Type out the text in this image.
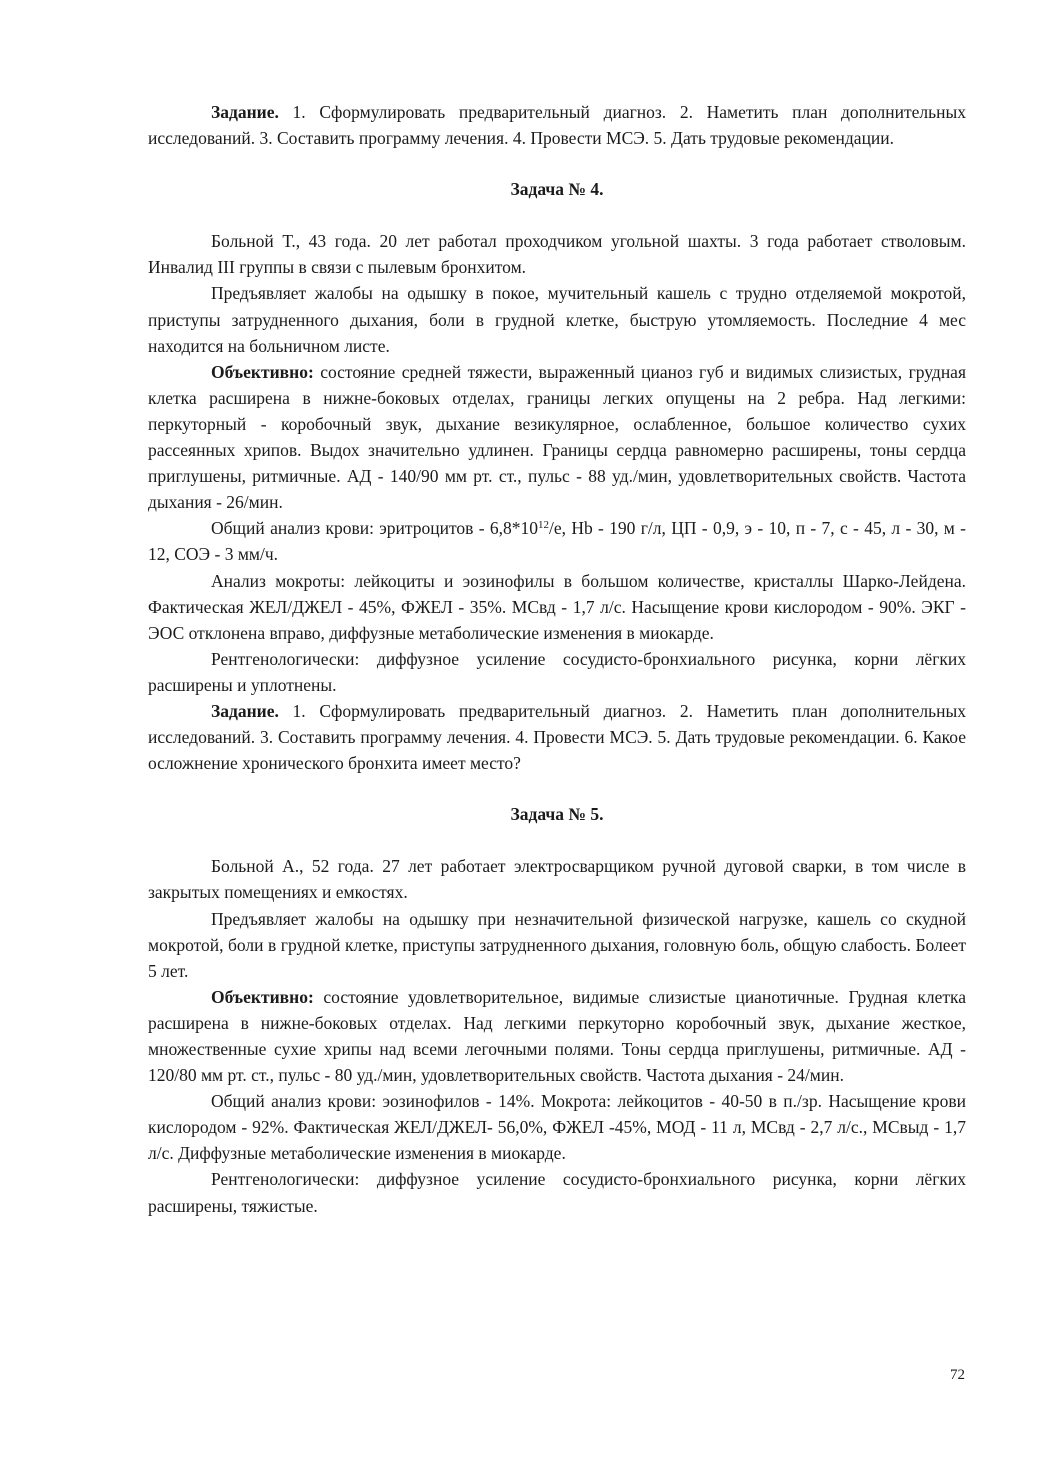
Задание. 1. Сформулировать предварительный диагноз. 2. Наметить план дополнительных исследований. 3. Составить программу лечения. 4. Провести МСЭ. 5. Дать трудовые рекомендации.

Задача № 4.

Больной Т., 43 года. 20 лет работал проходчиком угольной шахты. 3 года работает стволовым. Инвалид III группы в связи с пылевым бронхитом.

Предъявляет жалобы на одышку в покое, мучительный кашель с трудно отделяемой мокротой, приступы затрудненного дыхания, боли в грудной клетке, быструю утомляемость. Последние 4 мес находится на больничном листе.

Объективно: состояние средней тяжести, выраженный цианоз губ и видимых слизистых, грудная клетка расширена в нижне-боковых отделах, границы легких опущены на 2 ребра. Над легкими: перкуторный - коробочный звук, дыхание везикулярное, ослабленное, большое количество сухих рассеянных хрипов. Выдох значительно удлинен. Границы сердца равномерно расширены, тоны сердца приглушены, ритмичные. АД - 140/90 мм рт. ст., пульс - 88 уд./мин, удовлетворительных свойств. Частота дыхания - 26/мин.

Общий анализ крови: эритроцитов - $6,8*10^{12}/е$, Hb - 190 г/л, ЦП - 0,9, э - 10, п - 7, с - 45, л - 30, м - 12, СОЭ - 3 мм/ч.

Анализ мокроты: лейкоциты и эозинофилы в большом количестве, кристаллы Шарко-Лейдена. Фактическая ЖЕЛ/ДЖЕЛ - 45%, ФЖЕЛ - 35%. МСвд - 1,7 л/с. Насыщение крови кислородом - 90%. ЭКГ - ЭОС отклонена вправо, диффузные метаболические изменения в миокарде.

Рентгенологически: диффузное усиление сосудисто-бронхиального рисунка, корни лёгких расширены и уплотнены.

Задание. 1. Сформулировать предварительный диагноз. 2. Наметить план дополнительных исследований. 3. Составить программу лечения. 4. Провести МСЭ. 5. Дать трудовые рекомендации. 6. Какое осложнение хронического бронхита имеет место?

Задача № 5.

Больной А., 52 года. 27 лет работает электросварщиком ручной дуговой сварки, в том числе в закрытых помещениях и емкостях.

Предъявляет жалобы на одышку при незначительной физической нагрузке, кашель со скудной мокротой, боли в грудной клетке, приступы затрудненного дыхания, головную боль, общую слабость. Болеет 5 лет.

Объективно: состояние удовлетворительное, видимые слизистые цианотичные. Грудная клетка расширена в нижне-боковых отделах. Над легкими перкуторно коробочный звук, дыхание жесткое, множественные сухие хрипы над всеми легочными полями. Тоны сердца приглушены, ритмичные. АД - 120/80 мм рт. ст., пульс - 80 уд./мин, удовлетворительных свойств. Частота дыхания - 24/мин.

Общий анализ крови: эозинофилов - 14%. Мокрота: лейкоцитов - 40-50 в п./зр. Насыщение крови кислородом - 92%. Фактическая ЖЕЛ/ДЖЕЛ- 56,0%, ФЖЕЛ -45%, МОД - 11 л, МСвд - 2,7 л/с., МСвыд - 1,7 л/с. Диффузные метаболические изменения в миокарде.

Рентгенологически: диффузное усиление сосудисто-бронхиального рисунка, корни лёгких расширены, тяжистые.

72
